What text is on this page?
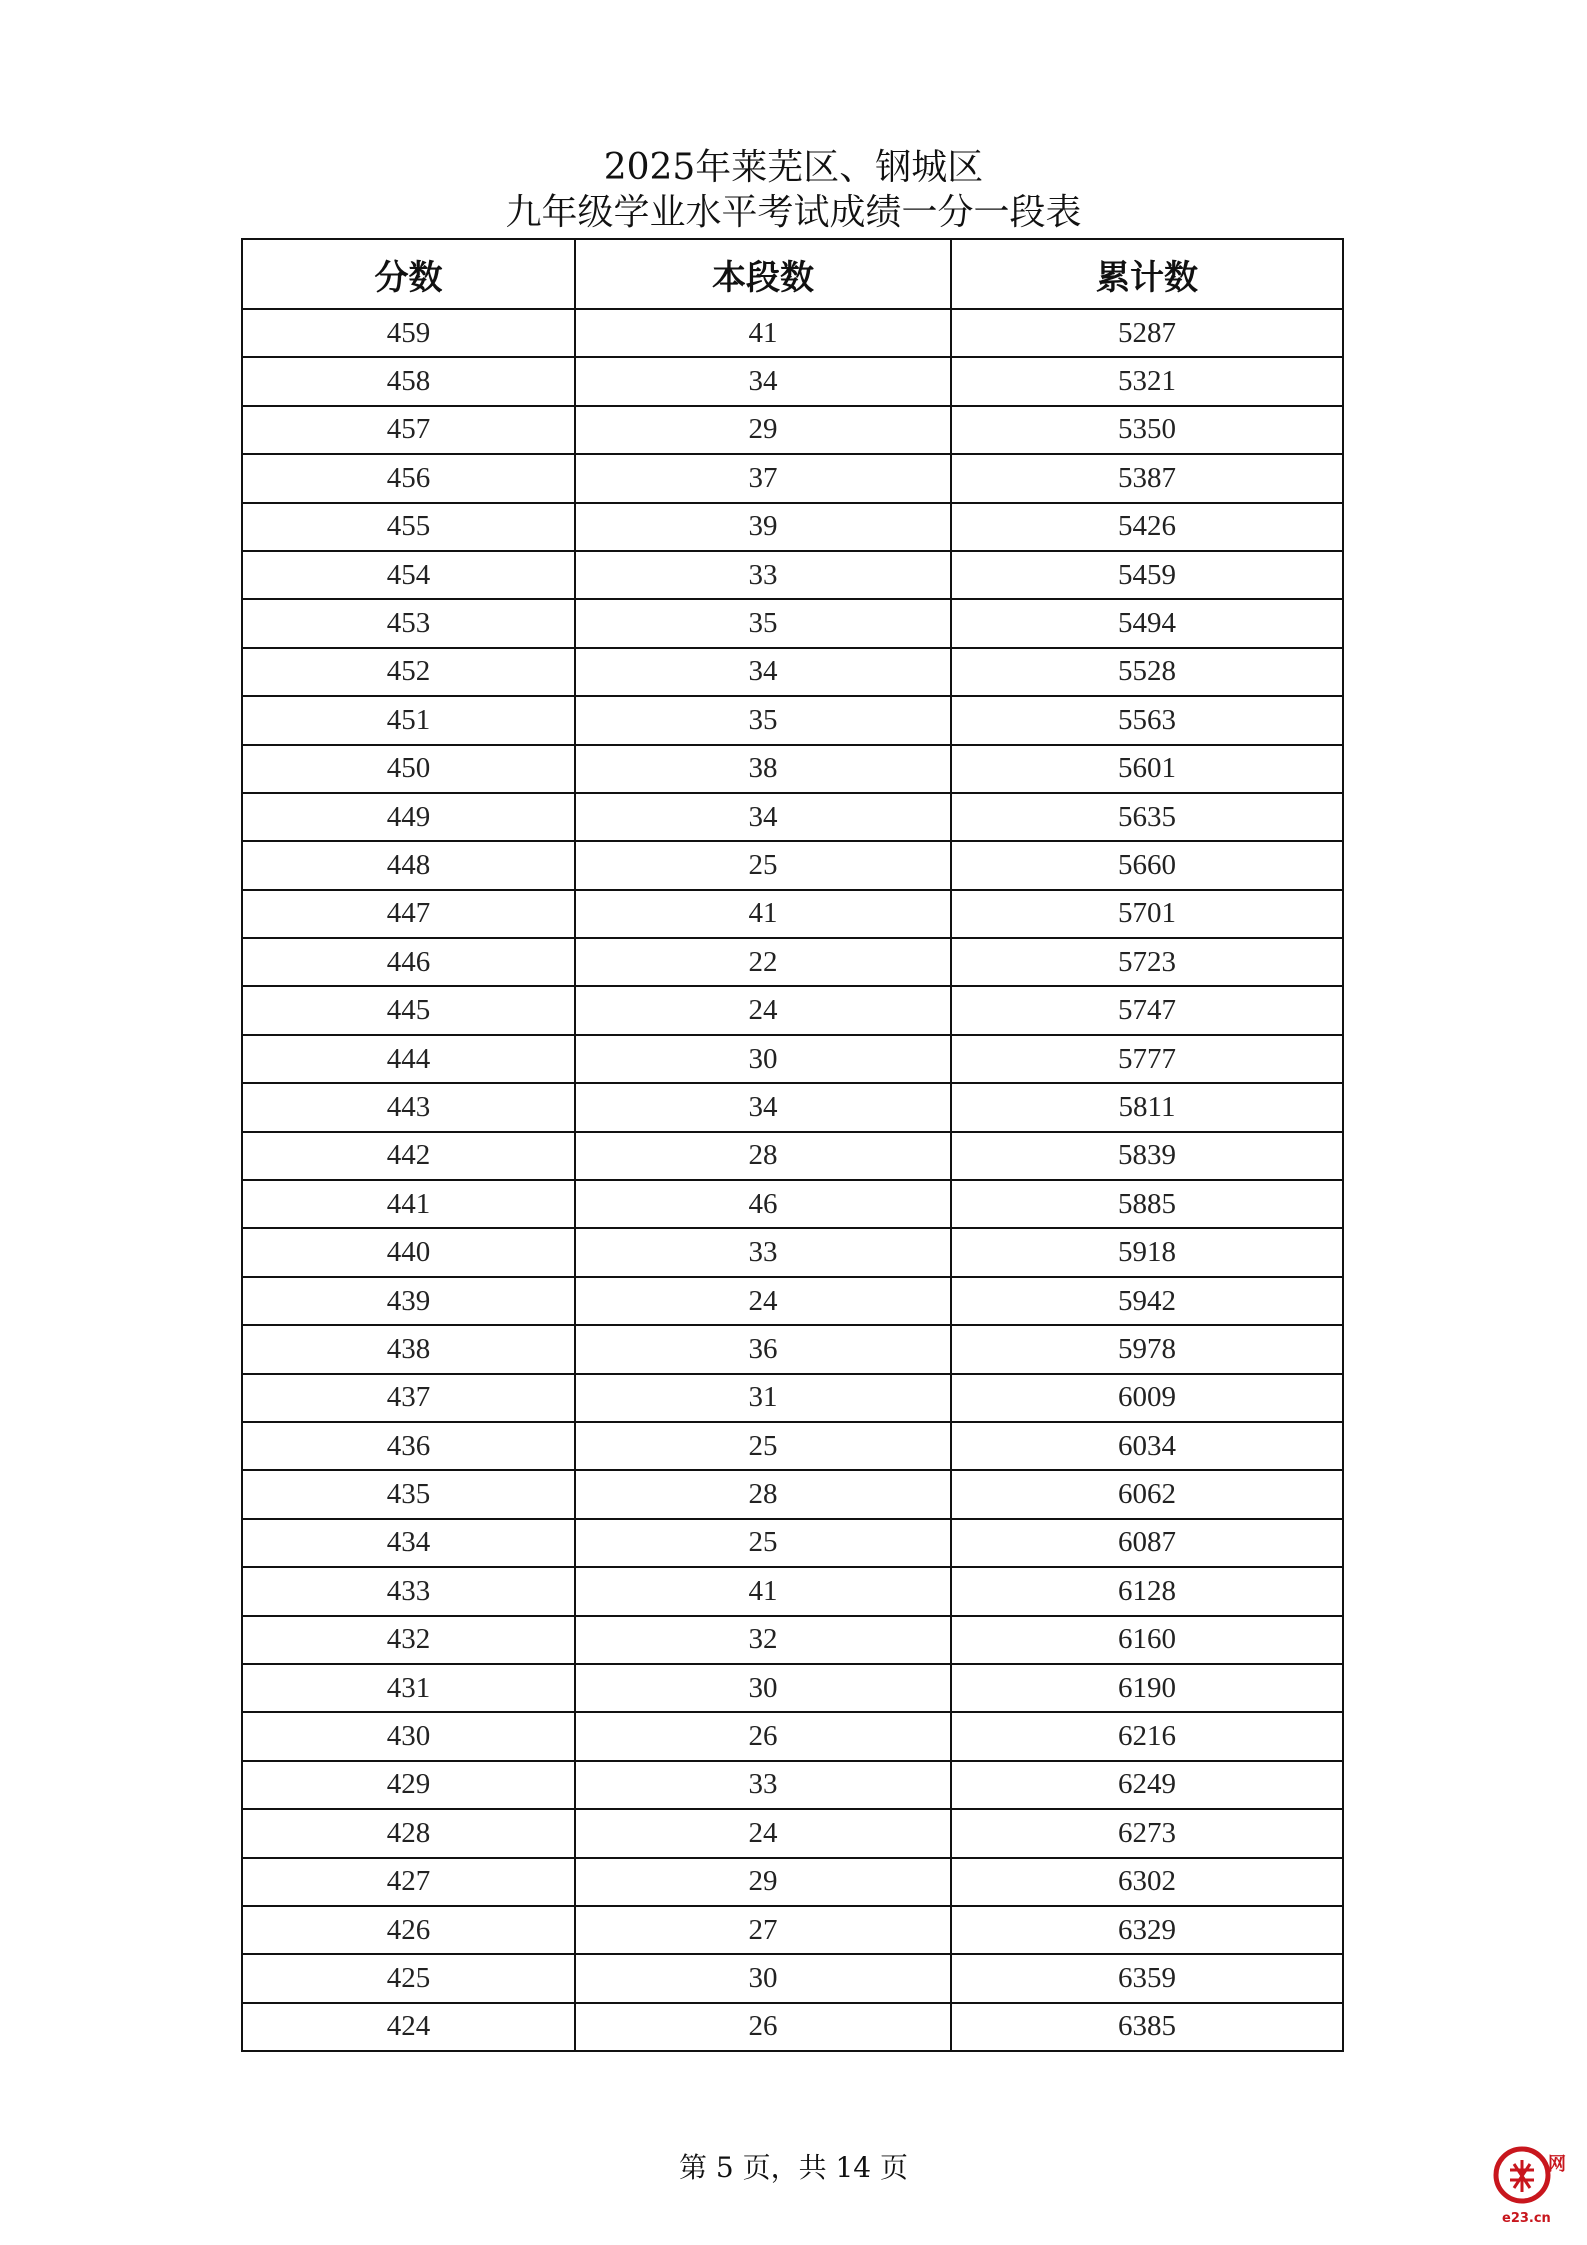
2025年莱芜区、钢城区
九年级学业水平考试成绩一分一段表
分数	本段数	累计数
459	41	5287
458	34	5321
457	29	5350
456	37	5387
455	39	5426
454	33	5459
453	35	5494
452	34	5528
451	35	5563
450	38	5601
449	34	5635
448	25	5660
447	41	5701
446	22	5723
445	24	5747
444	30	5777
443	34	5811
442	28	5839
441	46	5885
440	33	5918
439	24	5942
438	36	5978
437	31	6009
436	25	6034
435	28	6062
434	25	6087
433	41	6128
432	32	6160
431	30	6190
430	26	6216
429	33	6249
428	24	6273
427	29	6302
426	27	6329
425	30	6359
424	26	6385
第 5 页，共 14 页	网
e23.cn
